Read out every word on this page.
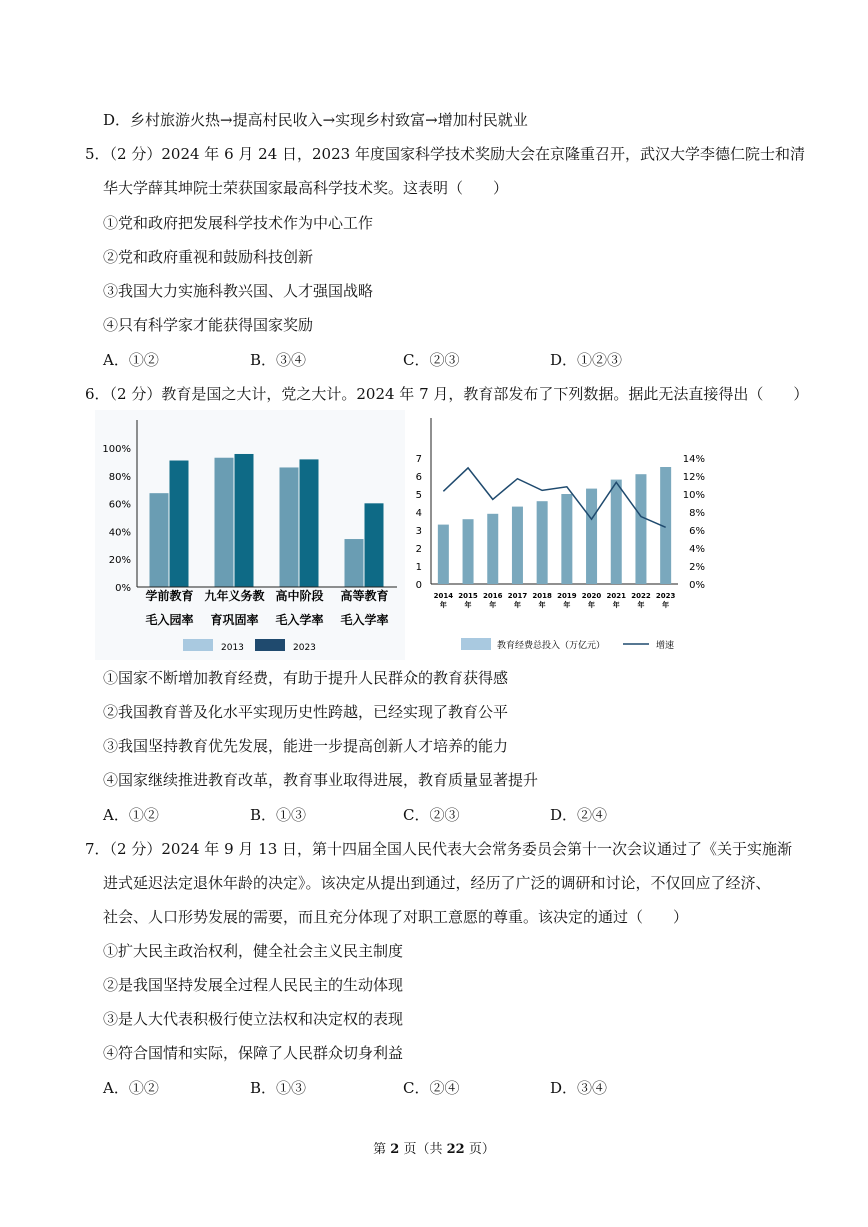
D．乡村旅游火热→提高村民收入→实现乡村致富→增加村民就业
5．（2 分）2024 年 6 月 24 日，2023 年度国家科学技术奖励大会在京隆重召开，武汉大学李德仁院士和清
华大学薛其坤院士荣获国家最高科学技术奖。这表明（　　）
①党和政府把发展科学技术作为中心工作
②党和政府重视和鼓励科技创新
③我国大力实施科教兴国、人才强国战略
④只有科学家才能获得国家奖励
A．①②	B．③④	C．②③	D．①②③
6．（2 分）教育是国之大计，党之大计。2024 年 7 月，教育部发布了下列数据。据此无法直接得出（　　）
0%
20%
40%
60%
80%
100%
学前教育
毛入园率
九年义务教
育巩固率
高中阶段
毛入学率
高等教育
毛入学率
2013	2023
0
1
2
3
4
5
6
7
0%
2%
4%
6%
8%
10%
12%
14%
2014
年
2015
年
2016
年
2017
年
2018
年
2019
年
2020
年
2021
年
2022
年
2023
年
教育经费总投入（万亿元）	增速
①国家不断增加教育经费，有助于提升人民群众的教育获得感
②我国教育普及化水平实现历史性跨越，已经实现了教育公平
③我国坚持教育优先发展，能进一步提高创新人才培养的能力
④国家继续推进教育改革，教育事业取得进展，教育质量显著提升
A．①②	B．①③	C．②③	D．②④
7．（2 分）2024 年 9 月 13 日，第十四届全国人民代表大会常务委员会第十一次会议通过了《关于实施渐
进式延迟法定退休年龄的决定》。该决定从提出到通过，经历了广泛的调研和讨论，不仅回应了经济、
社会、人口形势发展的需要，而且充分体现了对职工意愿的尊重。该决定的通过（　　）
①扩大民主政治权利，健全社会主义民主制度
②是我国坚持发展全过程人民民主的生动体现
③是人大代表积极行使立法权和决定权的表现
④符合国情和实际，保障了人民群众切身利益
A．①②	B．①③	C．②④	D．③④
第 2 页（共 22 页）
